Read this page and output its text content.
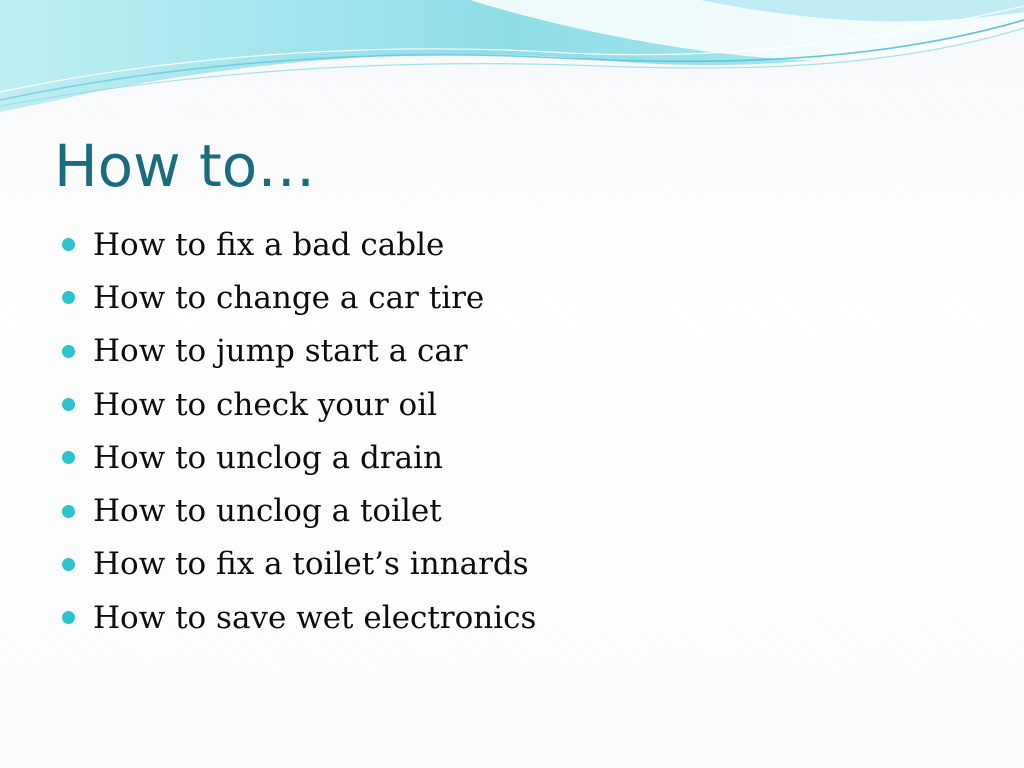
How to…
How to fix a bad cable
How to change a car tire
How to jump start a car
How to check your oil
How to unclog a drain
How to unclog a toilet
How to fix a toilet’s innards
How to save wet electronics
